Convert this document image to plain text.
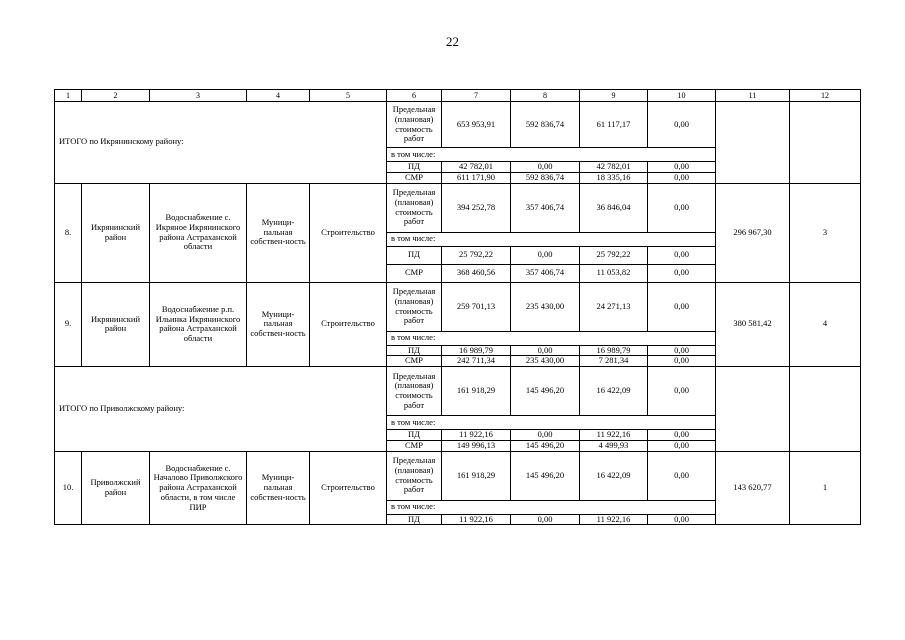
22
1	2	3	4	5	6	7	8	9	10	11	12
ИТОГО по Икрянинскому району:					Предельная (плановая) стоимость работ	653 953,91	592 836,74	61 117,17	0,00		
					в том числе:						
					ПД	42 782,01	0,00	42 782,01	0,00		
					СМР	611 171,90	592 836,74	18 335,16	0,00		
8.	Икрянинский район	Водоснабжение с. Икряное Икрянинского района Астраханской области	Муници-пальная собствен-ность	Строительство	Предельная (плановая) стоимость работ	394 252,78	357 406,74	36 846,04	0,00	296 967,30	3
					в том числе:						
					ПД	25 792,22	0,00	25 792,22	0,00		
					СМР	368 460,56	357 406,74	11 053,82	0,00		
9.	Икрянинский район	Водоснабжение р.п. Ильинка Икрянинского района Астраханской области	Муници-пальная собствен-ность	Строительство	Предельная (плановая) стоимость работ	259 701,13	235 430,00	24 271,13	0,00	380 581,42	4
					в том числе:						
					ПД	16 989,79	0,00	16 989,79	0,00		
					СМР	242 711,34	235 430,00	7 281,34	0,00		
ИТОГО по Приволжскому району:					Предельная (плановая) стоимость работ	161 918,29	145 496,20	16 422,09	0,00		
					в том числе:						
					ПД	11 922,16	0,00	11 922,16	0,00		
					СМР	149 996,13	145 496,20	4 499,93	0,00		
10.	Приволжский район	Водоснабжение с. Началово Приволжского района Астраханской области, в том числе ПИР	Муници-пальная собствен-ность	Строительство	Предельная (плановая) стоимость работ	161 918,29	145 496,20	16 422,09	0,00	143 620,77	1
					в том числе:						
					ПД	11 922,16	0,00	11 922,16	0,00		
